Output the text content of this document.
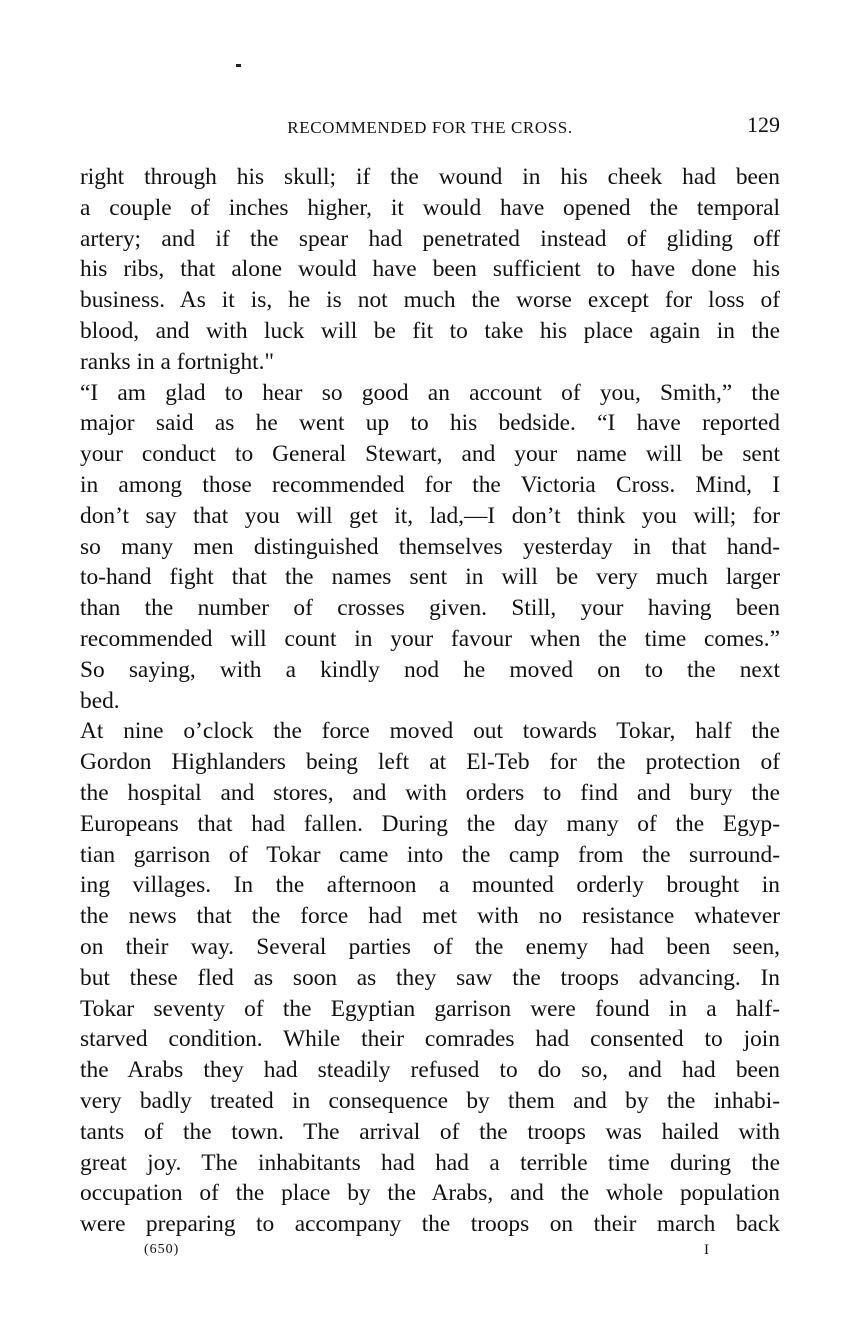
RECOMMENDED FOR THE CROSS.	129
right through his skull; if the wound in his cheek had been
a couple of inches higher, it would have opened the temporal
artery; and if the spear had penetrated instead of gliding off
his ribs, that alone would have been sufficient to have done his
business. As it is, he is not much the worse except for loss of
blood, and with luck will be fit to take his place again in the
ranks in a fortnight."
“I am glad to hear so good an account of you, Smith,” the
major said as he went up to his bedside. “I have reported
your conduct to General Stewart, and your name will be sent
in among those recommended for the Victoria Cross. Mind, I
don’t say that you will get it, lad,—I don’t think you will; for
so many men distinguished themselves yesterday in that hand-
to-hand fight that the names sent in will be very much larger
than the number of crosses given. Still, your having been
recommended will count in your favour when the time comes.”
So saying, with a kindly nod he moved on to the next
bed.
At nine o’clock the force moved out towards Tokar, half the
Gordon Highlanders being left at El-Teb for the protection of
the hospital and stores, and with orders to find and bury the
Europeans that had fallen. During the day many of the Egyp-
tian garrison of Tokar came into the camp from the surround-
ing villages. In the afternoon a mounted orderly brought in
the news that the force had met with no resistance whatever
on their way. Several parties of the enemy had been seen,
but these fled as soon as they saw the troops advancing. In
Tokar seventy of the Egyptian garrison were found in a half-
starved condition. While their comrades had consented to join
the Arabs they had steadily refused to do so, and had been
very badly treated in consequence by them and by the inhabi-
tants of the town. The arrival of the troops was hailed with
great joy. The inhabitants had had a terrible time during the
occupation of the place by the Arabs, and the whole population
were preparing to accompany the troops on their march back
(650)	I
